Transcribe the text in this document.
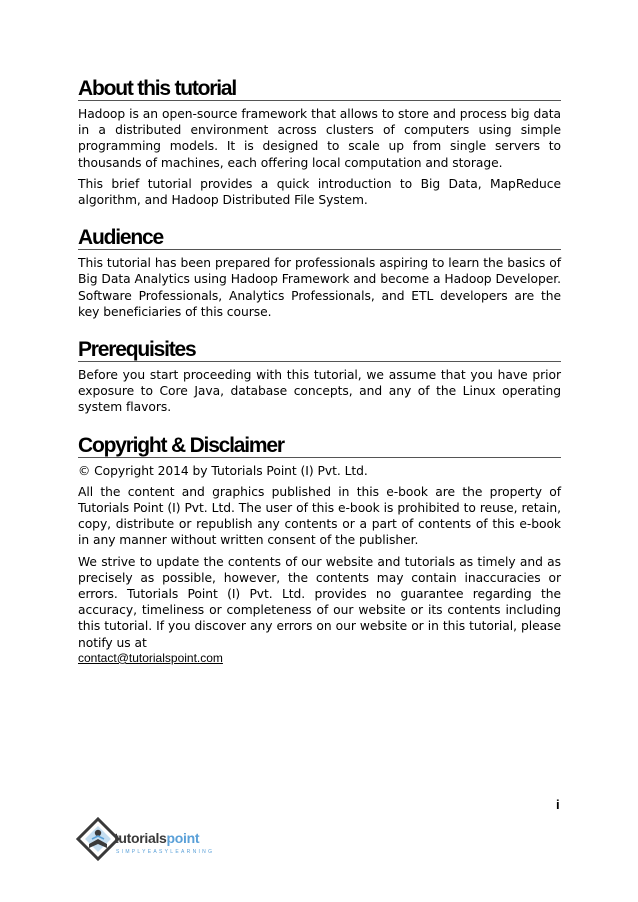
About this tutorial

Hadoop is an open-source framework that allows to store and process big data in a distributed environment across clusters of computers using simple programming models. It is designed to scale up from single servers to thousands of machines, each offering local computation and storage.

This brief tutorial provides a quick introduction to Big Data, MapReduce algorithm, and Hadoop Distributed File System.

Audience

This tutorial has been prepared for professionals aspiring to learn the basics of Big Data Analytics using Hadoop Framework and become a Hadoop Developer. Software Professionals, Analytics Professionals, and ETL developers are the key beneficiaries of this course.

Prerequisites

Before you start proceeding with this tutorial, we assume that you have prior exposure to Core Java, database concepts, and any of the Linux operating system flavors.

Copyright & Disclaimer

© Copyright 2014 by Tutorials Point (I) Pvt. Ltd.

All the content and graphics published in this e-book are the property of Tutorials Point (I) Pvt. Ltd. The user of this e-book is prohibited to reuse, retain, copy, distribute or republish any contents or a part of contents of this e-book in any manner without written consent of the publisher.

We strive to update the contents of our website and tutorials as timely and as precisely as possible, however, the contents may contain inaccuracies or errors. Tutorials Point (I) Pvt. Ltd. provides no guarantee regarding the accuracy, timeliness or completeness of our website or its contents including this tutorial. If you discover any errors on our website or in this tutorial, please notify us at

contact@tutorialspoint.com
i
tutorialspoint
SIMPLYEASYLEARNING
